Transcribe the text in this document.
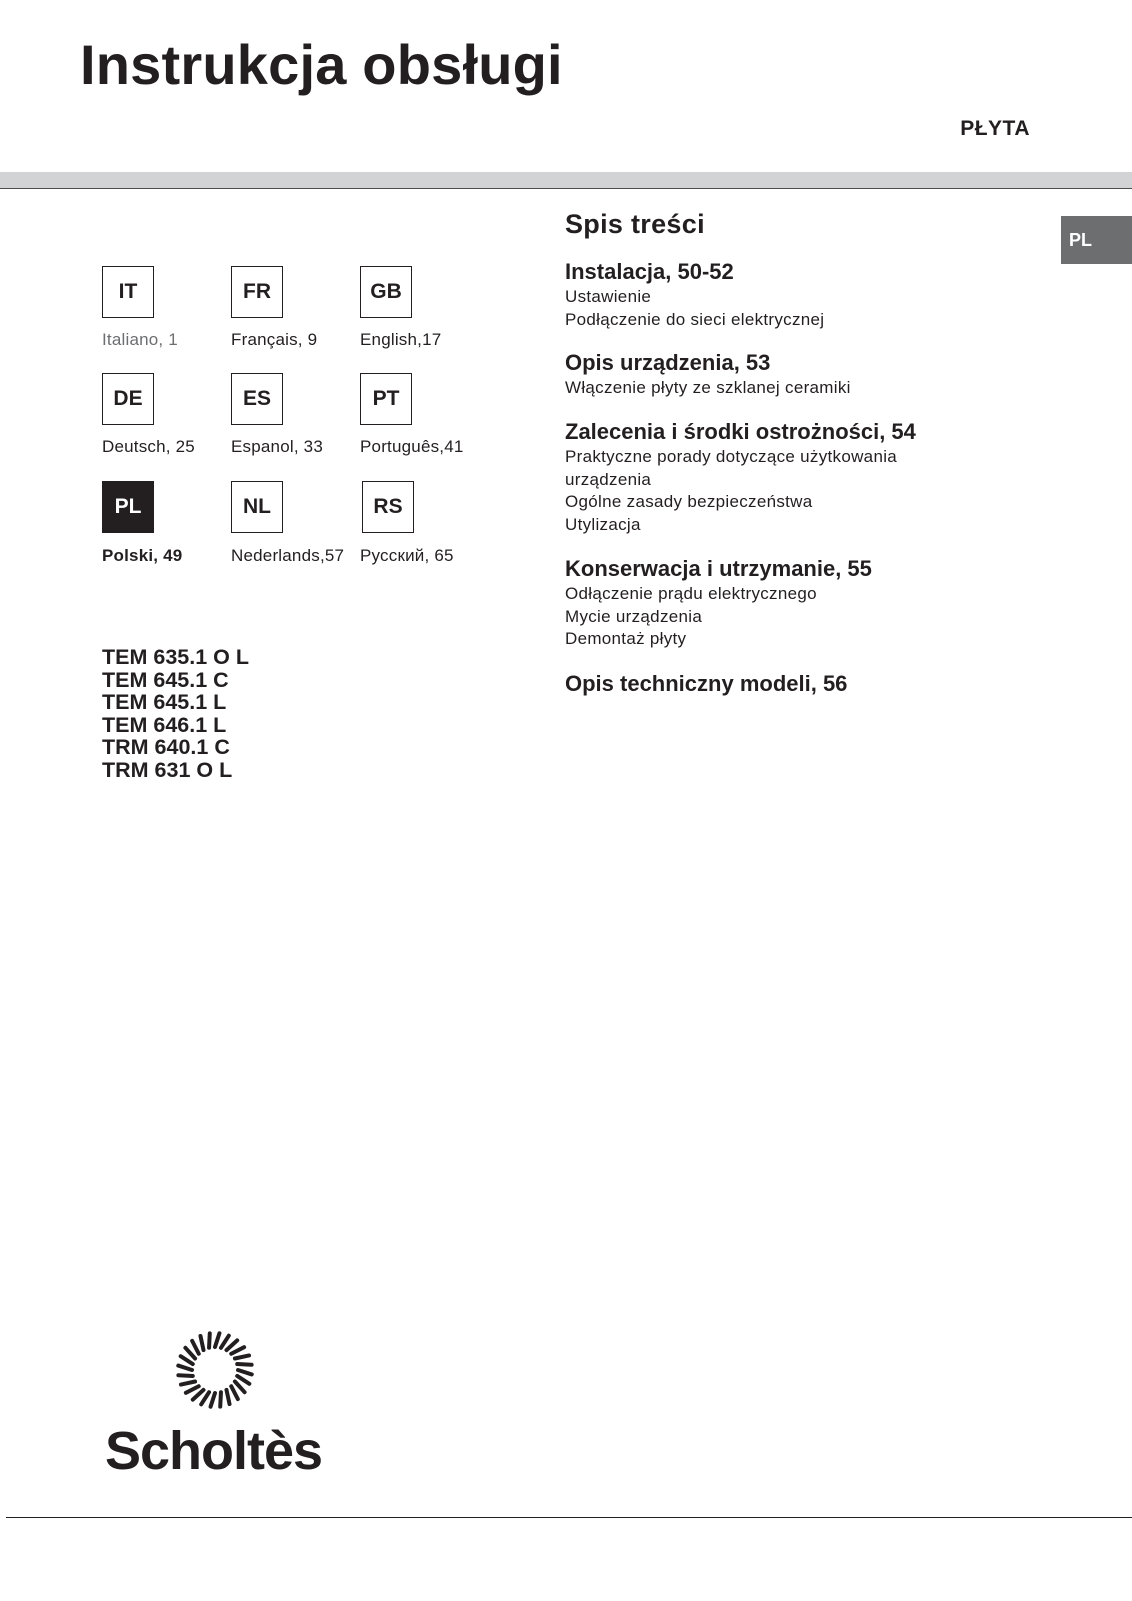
Instrukcja obsługi
PŁYTA
PL
IT
Italiano, 1
FR
Français, 9
GB
English,17
DE
Deutsch, 25
ES
Espanol, 33
PT
Português,41
PL
Polski, 49
NL
Nederlands,57
RS
Русский, 65
TEM 635.1 O L
TEM 645.1 C
TEM 645.1 L
TEM 646.1 L
TRM 640.1 C
TRM 631 O L
Spis treści
Instalacja, 50-52
Ustawienie
Podłączenie do sieci elektrycznej
Opis urządzenia, 53
Włączenie płyty ze szklanej ceramiki
Zalecenia i środki ostrożności, 54
Praktyczne porady dotyczące użytkowania
urządzenia
Ogólne zasady bezpieczeństwa
Utylizacja
Konserwacja i utrzymanie, 55
Odłączenie prądu elektrycznego
Mycie urządzenia
Demontaż płyty
Opis techniczny modeli, 56
Scholtès
